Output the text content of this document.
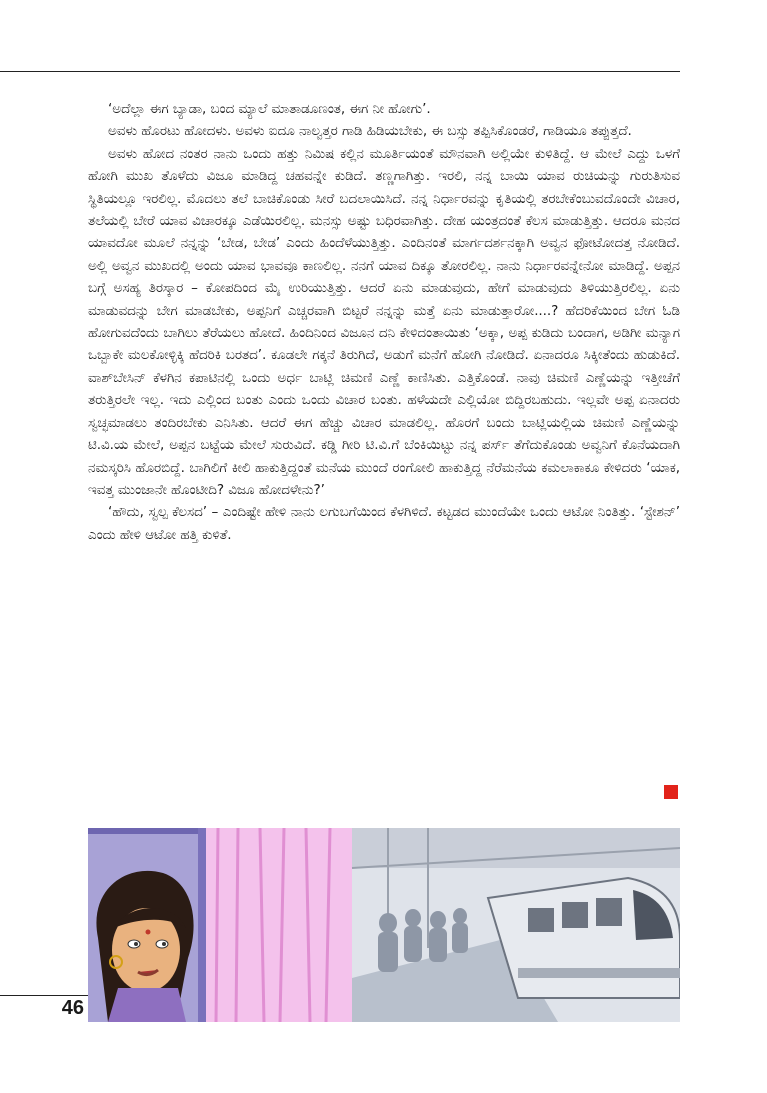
‘ಅದೆಲ್ಲಾ ಈಗ ಬ್ಯಾಡಾ, ಬಂದ ಮ್ಯಾಲೆ ಮಾತಾಡೂಣಂತ, ಈಗ ನೀ ಹೋಗು’.

ಅವಳು ಹೊರಟು ಹೋದಳು. ಅವಳು ಐದೂ ನಾಲ್ವತ್ತರ ಗಾಡಿ ಹಿಡಿಯಬೇಕು, ಈ ಬಸ್ಸು ತಪ್ಪಿಸಿಕೊಂಡರೆ, ಗಾಡಿಯೂ ತಪ್ಪುತ್ತದೆ.

ಅವಳು ಹೋದ ನಂತರ ನಾನು ಒಂದು ಹತ್ತು ನಿಮಿಷ ಕಲ್ಲಿನ ಮೂರ್ತಿಯಂತೆ ಮೌನವಾಗಿ ಅಲ್ಲಿಯೇ ಕುಳಿತಿದ್ದೆ. ಆ ಮೇಲೆ ಎದ್ದು ಒಳಗೆ ಹೋಗಿ ಮುಖ ತೊಳೆದು ವಿಜೂ ಮಾಡಿದ್ದ ಚಹವನ್ನೇ ಕುಡಿದೆ. ತಣ್ಣಗಾಗಿತ್ತು. ಇರಲಿ, ನನ್ನ ಬಾಯಿ ಯಾವ ರುಚಿಯನ್ನು ಗುರುತಿಸುವ ಸ್ಥಿತಿಯಲ್ಲೂ ಇರಲಿಲ್ಲ. ಮೊದಲು ತಲೆ ಬಾಚಿಕೊಂಡು ಸೀರೆ ಬದಲಾಯಿಸಿದೆ. ನನ್ನ ನಿರ್ಧಾರವನ್ನು ಕೃತಿಯಲ್ಲಿ ತರಬೇಕೆಂಬುವದೊಂದೇ ವಿಚಾರ, ತಲೆಯಲ್ಲಿ ಬೇರೆ ಯಾವ ವಿಚಾರಕ್ಕೂ ಎಡೆಯಿರಲಿಲ್ಲ. ಮನಸ್ಸು ಅಷ್ಟು ಬಧಿರವಾಗಿತ್ತು. ದೇಹ ಯಂತ್ರದಂತೆ ಕೆಲಸ ಮಾಡುತ್ತಿತ್ತು. ಆದರೂ ಮನದ ಯಾವದೋ ಮೂಲೆ ನನ್ನನ್ನು ‘ಬೇಡ, ಬೇಡ’ ಎಂದು ಹಿಂದೆಳೆಯುತ್ತಿತ್ತು. ಎಂದಿನಂತೆ ಮಾರ್ಗದರ್ಶನಕ್ಕಾಗಿ ಅವ್ವನ ಫೋಟೋದತ್ತ ನೋಡಿದೆ. ಅಲ್ಲಿ ಅವ್ವನ ಮುಖದಲ್ಲಿ ಅಂದು ಯಾವ ಭಾವವೂ ಕಾಣಲಿಲ್ಲ. ನನಗೆ ಯಾವ ದಿಕ್ಕೂ ತೋರಲಿಲ್ಲ. ನಾನು ನಿರ್ಧಾರವನ್ನೇನೋ ಮಾಡಿದ್ದೆ. ಅಪ್ಪನ ಬಗ್ಗೆ ಅಸಹ್ಯ ತಿರಸ್ಕಾರ – ಕೋಪದಿಂದ ಮೈ ಉರಿಯುತ್ತಿತ್ತು. ಆದರೆ ಏನು ಮಾಡುವುದು, ಹೇಗೆ ಮಾಡುವುದು ತಿಳಿಯುತ್ತಿರಲಿಲ್ಲ. ಏನು ಮಾಡುವದನ್ನು ಬೇಗ ಮಾಡಬೇಕು, ಅಪ್ಪನಿಗೆ ಎಚ್ಚರವಾಗಿ ಬಿಟ್ಟರೆ ನನ್ನನ್ನು ಮತ್ತೆ ಏನು ಮಾಡುತ್ತಾರೋ....? ಹೆದರಿಕೆಯಿಂದ ಬೇಗ ಓಡಿ ಹೋಗುವದೆಂದು ಬಾಗಿಲು ತೆರೆಯಲು ಹೋದೆ. ಹಿಂದಿನಿಂದ ವಿಜೂನ ದನಿ ಕೇಳಿದಂತಾಯಿತು ‘ಅಕ್ಕಾ, ಅಪ್ಪ ಕುಡಿದು ಬಂದಾಗ, ಅಡಿಗೀ ಮನ್ಯಾಗ ಒಬ್ಬಾಕೇ ಮಲಕೋಳ್ಳಿಕ್ಕಿ ಹೆದರಿಕಿ ಬರತದ’. ಕೂಡಲೇ ಗಕ್ಕನೆ ತಿರುಗಿದೆ, ಅಡುಗೆ ಮನೆಗೆ ಹೋಗಿ ನೋಡಿದೆ. ಏನಾದರೂ ಸಿಕ್ಕೀತೆಂದು ಹುಡುಕಿದೆ. ವಾಶ್‌ಬೇಸಿನ್ ಕೆಳಗಿನ ಕಪಾಟಿನಲ್ಲಿ ಒಂದು ಅರ್ಧ ಬಾಟ್ಲಿ ಚಿಮಣಿ ಎಣ್ಣೆ ಕಾಣಿಸಿತು. ಎತ್ತಿಕೊಂಡೆ. ನಾವು ಚಿಮಣಿ ಎಣ್ಣೆಯನ್ನು ಇತ್ತೀಚೆಗೆ ತರುತ್ತಿರಲೇ ಇಲ್ಲ. ಇದು ಎಲ್ಲಿಂದ ಬಂತು ಎಂದು ಒಂದು ವಿಚಾರ ಬಂತು. ಹಳೆಯದೇ ಎಲ್ಲಿಯೋ ಬಿದ್ದಿರಬಹುದು. ಇಲ್ಲವೇ ಅಪ್ಪ ಏನಾದರು ಸ್ವಚ್ಛಮಾಡಲು ತಂದಿರಬೇಕು ಎನಿಸಿತು. ಆದರೆ ಈಗ ಹೆಚ್ಚು ವಿಚಾರ ಮಾಡಲಿಲ್ಲ. ಹೊರಗೆ ಬಂದು ಬಾಟ್ಲಿಯಲ್ಲಿಯ ಚಿಮಣಿ ಎಣ್ಣೆಯನ್ನು ಟಿ.ವಿ.ಯ ಮೇಲೆ, ಅಪ್ಪನ ಬಟ್ಟೆಯ ಮೇಲೆ ಸುರುವಿದೆ. ಕಡ್ಡಿ ಗೀರಿ ಟಿ.ವಿ.ಗೆ ಬೆಂಕಿಯಿಟ್ಟು ನನ್ನ ಪರ್ಸ್ ತೆಗೆದುಕೊಂಡು ಅವ್ವನಿಗೆ ಕೊನೆಯದಾಗಿ ನಮಸ್ಕರಿಸಿ ಹೊರಬಿದ್ದೆ. ಬಾಗಿಲಿಗೆ ಕೀಲಿ ಹಾಕುತ್ತಿದ್ದಂತೆ ಮನೆಯ ಮುಂದೆ ರಂಗೋಲಿ ಹಾಕುತ್ತಿದ್ದ ನೆರೆಮನೆಯ ಕಮಲಾಕಾಕೂ ಕೇಳಿದರು ‘ಯಾಕ, ಇವತ್ತ ಮುಂಜಾನೇ ಹೊಂಟೀದಿ? ವಿಜೂ ಹೋದಳೇನು?’

‘ಹೌದು, ಸ್ವಲ್ಪ ಕೆಲಸದ’ – ಎಂದಿಷ್ಟೇ ಹೇಳಿ ನಾನು ಲಗುಬಗೆಯಿಂದ ಕೆಳಗಿಳಿದೆ. ಕಟ್ಟಡದ ಮುಂದೆಯೇ ಒಂದು ಆಟೋ ನಿಂತಿತ್ತು. ‘ಸ್ಟೇಶನ್’ ಎಂದು ಹೇಳಿ ಆಟೋ ಹತ್ತಿ ಕುಳಿತೆ.

46
